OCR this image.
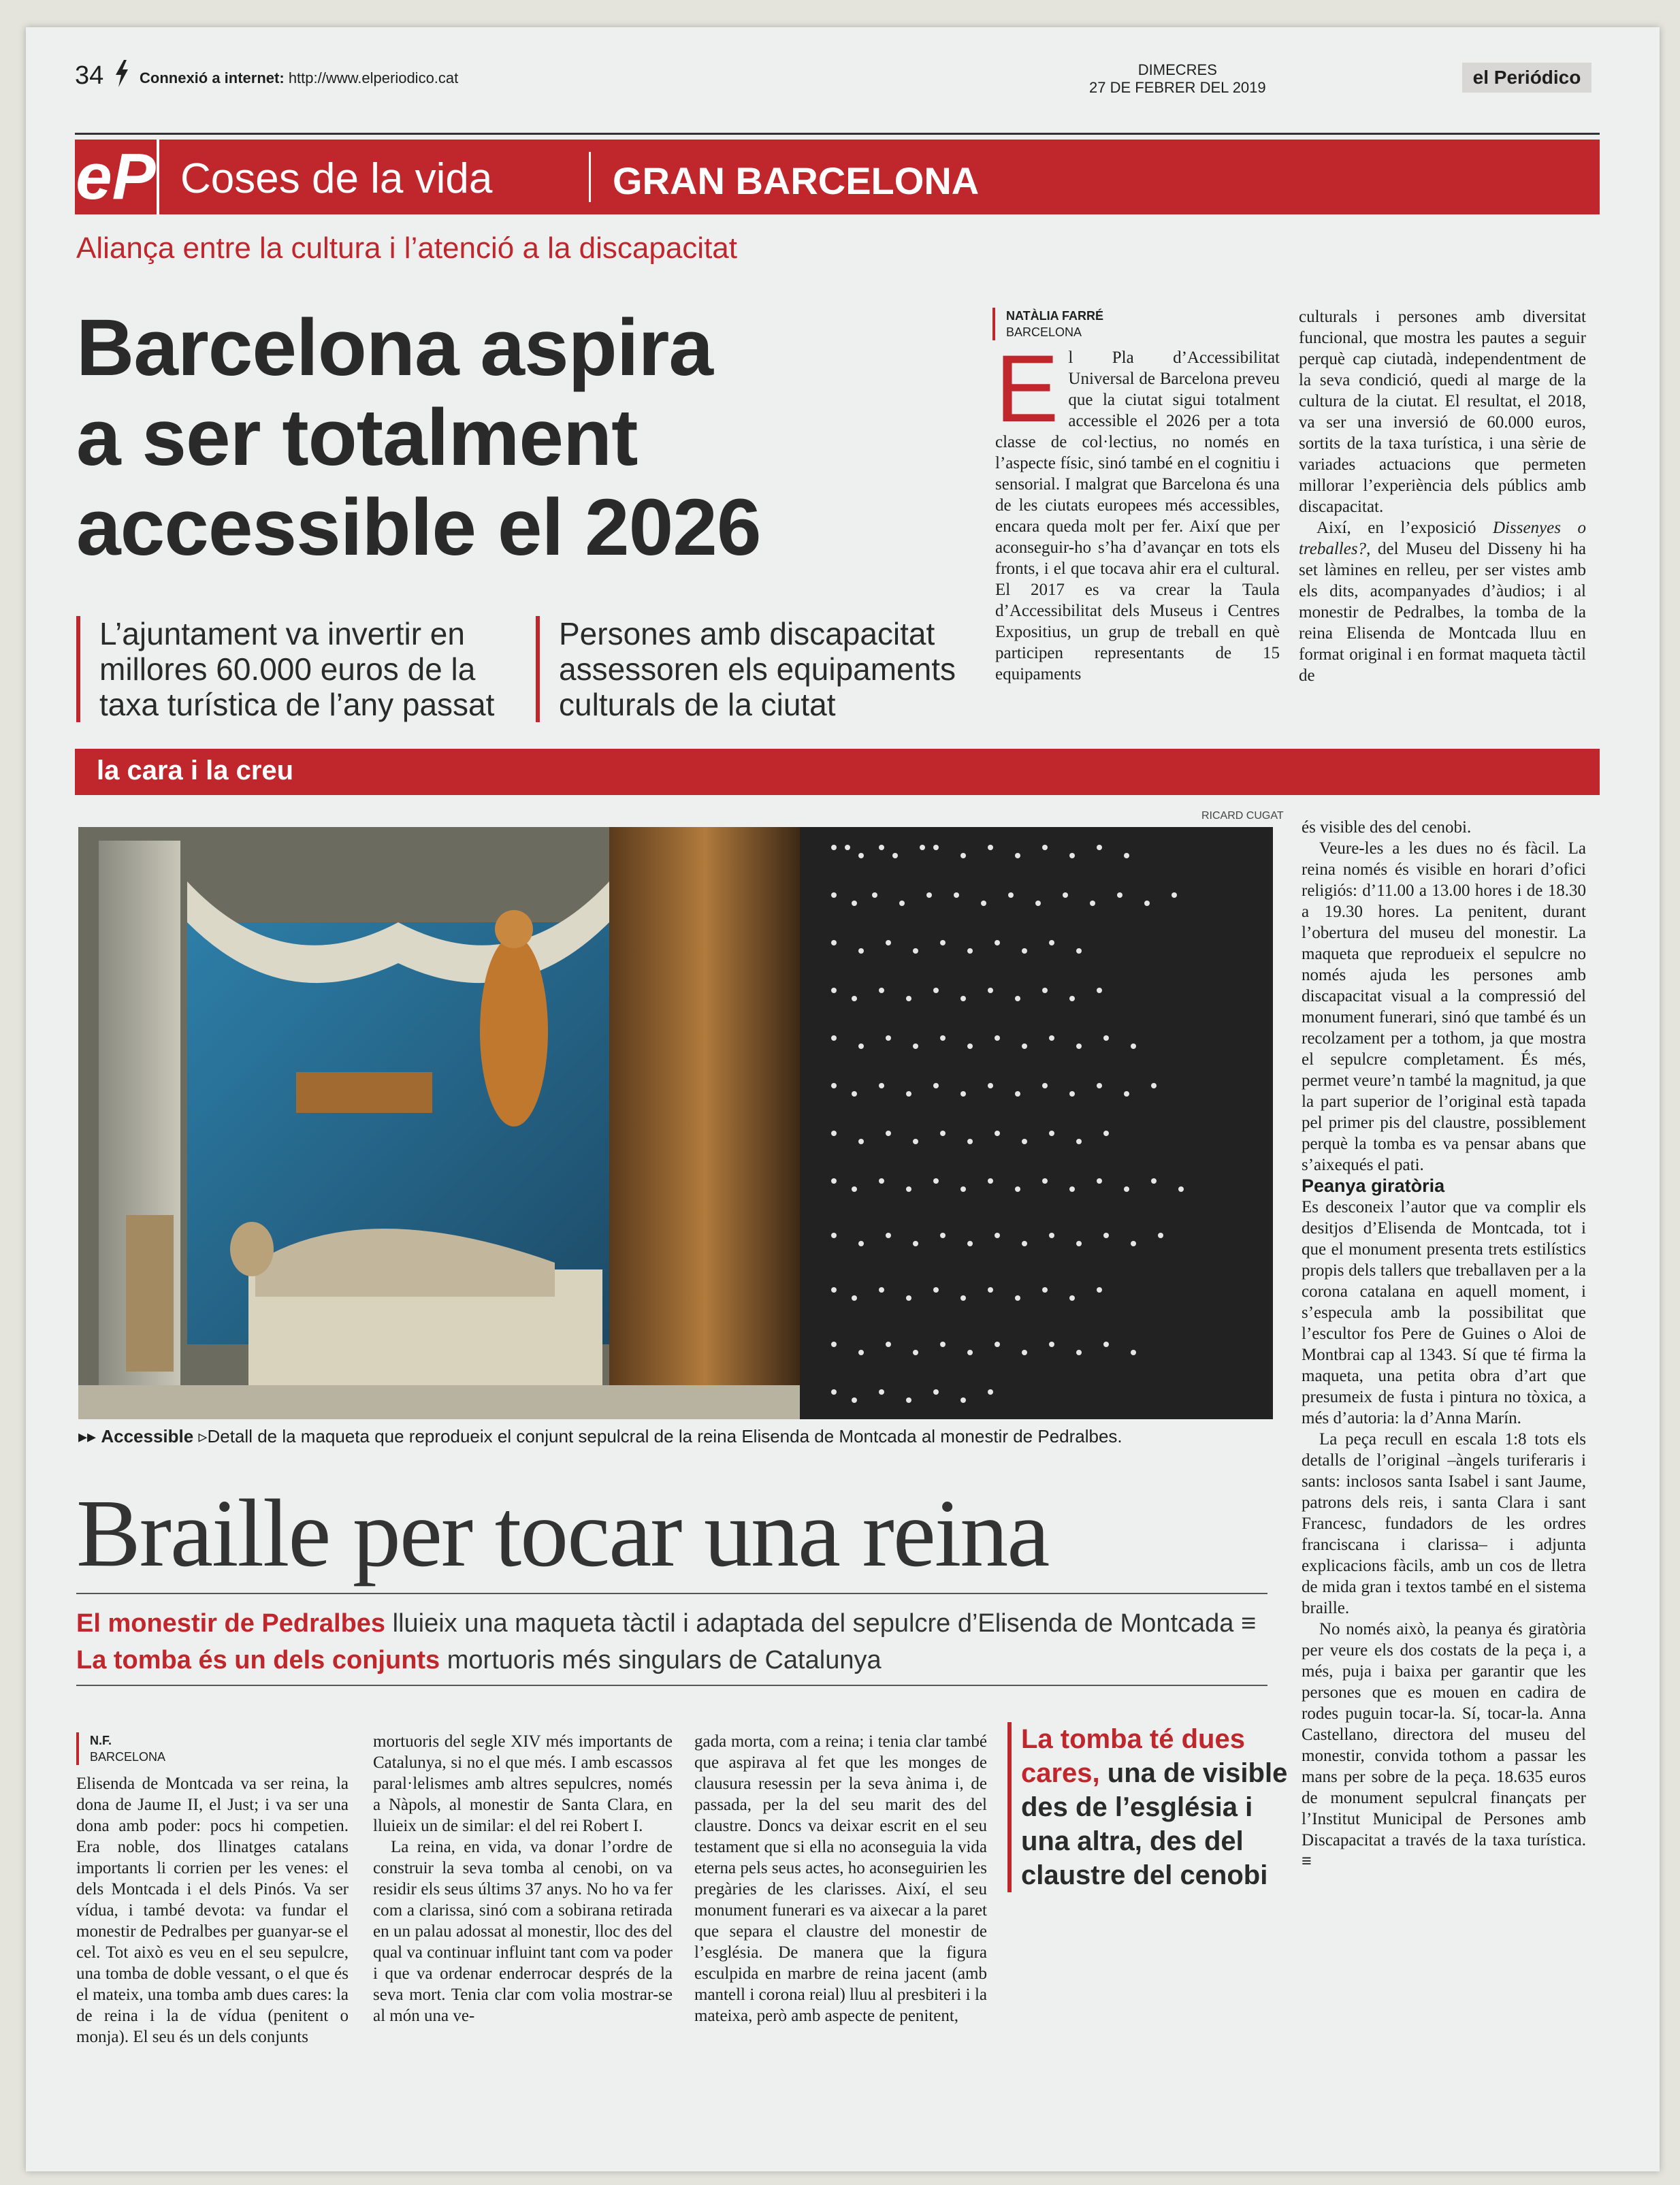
34 Connexió a internet: http://www.elperiodico.cat	DIMECRES
27 DE FEBRER DEL 2019	el Periódico
eP Coses de la vida	GRAN BARCELONA
Aliança entre la cultura i l’atenció a la discapacitat
Barcelona aspira
a ser totalment
accessible el 2026
L’ajuntament va invertir en millores 60.000 euros de la taxa turística de l’any passat
Persones amb discapacitat assessoren els equipaments culturals de la ciutat
NATÀLIA FARRÉ
BARCELONA

El Pla d’Accessibilitat Universal de Barcelona preveu que la ciutat sigui totalment accessible el 2026 per a tota classe de col·lectius, no només en l’aspecte físic, sinó també en el cognitiu i sensorial. I malgrat que Barcelona és una de les ciutats europees més accessibles, encara queda molt per fer. Així que per aconseguir-ho s’ha d’avançar en tots els fronts, i el que tocava ahir era el cultural. El 2017 es va crear la Taula d’Accessibilitat dels Museus i Centres Expositius, un grup de treball en què participen representants de 15 equipaments

culturals i persones amb diversitat funcional, que mostra les pautes a seguir perquè cap ciutadà, independentment de la seva condició, quedi al marge de la cultura de la ciutat. El resultat, el 2018, va ser una inversió de 60.000 euros, sortits de la taxa turística, i una sèrie de variades actuacions que permeten millorar l’experiència dels públics amb discapacitat.

Així, en l’exposició Dissenyes o treballes?, del Museu del Disseny hi ha set làmines en relleu, per ser vistes amb els dits, acompanyades d’àudios; i al monestir de Pedralbes, la tomba de la reina Elisenda de Montcada lluu en format original i en format maqueta tàctil de

la cara i la creu
RICARD CUGAT
▸▸ Accessible ▹Detall de la maqueta que reprodueix el conjunt sepulcral de la reina Elisenda de Montcada al monestir de Pedralbes.

és visible des del cenobi.

Veure-les a les dues no és fàcil. La reina només és visible en horari d’ofici religiós: d’11.00 a 13.00 hores i de 18.30 a 19.30 hores. La penitent, durant l’obertura del museu del monestir. La maqueta que reprodueix el sepulcre no només ajuda les persones amb discapacitat visual a la compressió del monument funerari, sinó que també és un recolzament per a tothom, ja que mostra el sepulcre completament. És més, permet veure’n també la magnitud, ja que la part superior de l’original està tapada pel primer pis del claustre, possiblement perquè la tomba es va pensar abans que s’aixequés el pati.

Peanya giratòria

Es desconeix l’autor que va complir els desitjos d’Elisenda de Montcada, tot i que el monument presenta trets estilístics propis dels tallers que treballaven per a la corona catalana en aquell moment, i s’especula amb la possibilitat que l’escultor fos Pere de Guines o Aloi de Montbrai cap al 1343. Sí que té firma la maqueta, una petita obra d’art que presumeix de fusta i pintura no tòxica, a més d’autoria: la d’Anna Marín.

La peça recull en escala 1:8 tots els detalls de l’original –àngels turiferaris i sants: inclosos santa Isabel i sant Jaume, patrons dels reis, i santa Clara i sant Francesc, fundadors de les ordres franciscana i clarissa– i adjunta explicacions fàcils, amb un cos de lletra de mida gran i textos també en el sistema braille.

No només això, la peanya és giratòria per veure els dos costats de la peça i, a més, puja i baixa per garantir que les persones que es mouen en cadira de rodes puguin tocar-la. Sí, tocar-la. Anna Castellano, directora del museu del monestir, convida tothom a passar les mans per sobre de la peça. 18.635 euros de monument sepulcral finançats per l’Institut Municipal de Persones amb Discapacitat a través de la taxa turística. ≡

Braille per tocar una reina
El monestir de Pedralbes lluieix una maqueta tàctil i adaptada del sepulcre d’Elisenda de Montcada ≡ La tomba és un dels conjunts mortuoris més singulars de Catalunya
N.F.
BARCELONA

Elisenda de Montcada va ser reina, la dona de Jaume II, el Just; i va ser una dona amb poder: pocs hi competien. Era noble, dos llinatges catalans importants li corrien per les venes: el dels Montcada i el dels Pinós. Va ser vídua, i també devota: va fundar el monestir de Pedralbes per guanyar-se el cel. Tot això es veu en el seu sepulcre, una tomba de doble vessant, o el que és el mateix, una tomba amb dues cares: la de reina i la de vídua (penitent o monja). El seu és un dels conjunts

mortuoris del segle XIV més importants de Catalunya, si no el que més. I amb escassos paral·lelismes amb altres sepulcres, només a Nàpols, al monestir de Santa Clara, en lluieix un de similar: el del rei Robert I.

La reina, en vida, va donar l’ordre de construir la seva tomba al cenobi, on va residir els seus últims 37 anys. No ho va fer com a clarissa, sinó com a sobirana retirada en un palau adossat al monestir, lloc des del qual va continuar influint tant com va poder i que va ordenar enderrocar després de la seva mort. Tenia clar com volia mostrar-se al món una ve-

gada morta, com a reina; i tenia clar també que aspirava al fet que les monges de clausura resessin per la seva ànima i, de passada, per la del seu marit des del claustre. Doncs va deixar escrit en el seu testament que si ella no aconseguia la vida eterna pels seus actes, ho aconseguirien les pregàries de les clarisses. Així, el seu monument funerari es va aixecar a la paret que separa el claustre del monestir de l’església. De manera que la figura esculpida en marbre de reina jacent (amb mantell i corona reial) lluu al presbiteri i la mateixa, però amb aspecte de penitent,

La tomba té dues cares, una de visible des de l’església i una altra, des del claustre del cenobi
